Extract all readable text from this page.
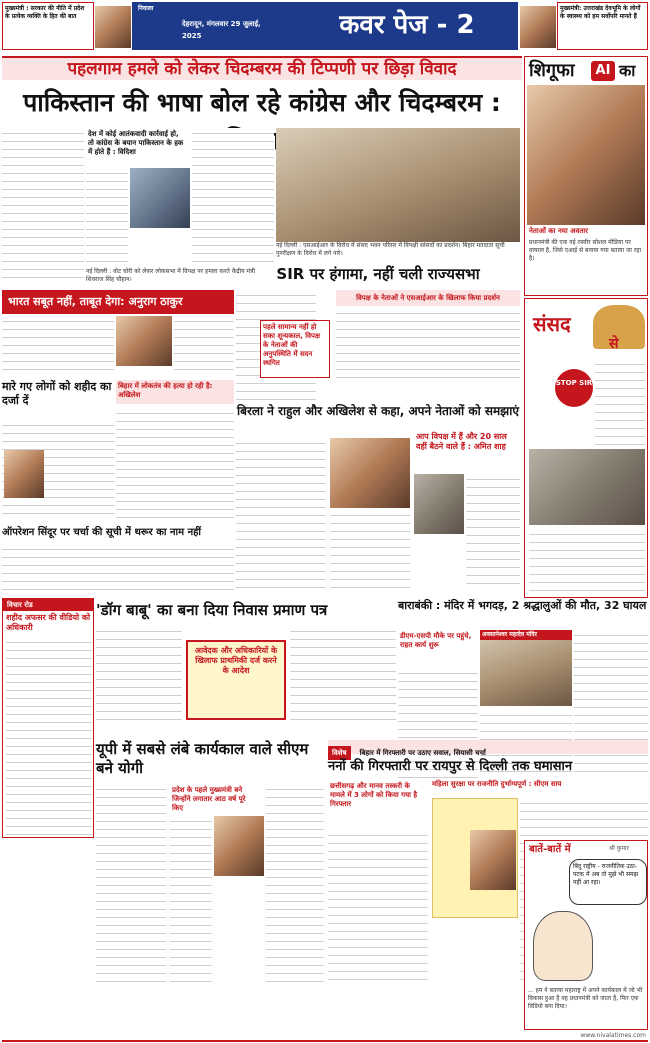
मुख्यमंत्री : सरकार की नीति में प्रदेश के प्रत्येक व्यक्ति के हित की बात
निवाला
देहरादून, मंगलवार 29 जुलाई, 2025	कवर पेज - 2
मुख्यमंत्री: उत्तराखंड देवभूमि के लोगों के स्वास्थ्य को हम सर्वोपरि मानते हैं
पहलगाम हमले को लेकर चिदम्बरम की टिप्पणी पर छिड़ा विवाद
पाकिस्तान की भाषा बोल रहे कांग्रेस और चिदम्बरम :
देश में कोई आतंकवादी कार्रवाई हो, तो कांग्रेस के बयान पाकिस्तान के हक में होते हैं : विदिशा
नई दिल्ली : वोट चोरी को लेकर लोकसभा में विपक्ष पर हमला करते केंद्रीय मंत्री शिवराज सिंह चौहान।
नई दिल्ली : एसआईआर के विरोध में संसद भवन परिसर में विपक्षी सांसदों का प्रदर्शन। बिहार मतदाता सूची पुनरीक्षण के विरोध में लगे नारे।
शिगूफा	AI का
नेताओं का नया अवतार
प्रधानमंत्री की एक नई तस्वीर सोशल मीडिया पर वायरल है, जिसे एआई से बनाया गया बताया जा रहा है।
भारत सबूत नहीं, ताबूत देगा: अनुराग ठाकुर
SIR पर हंगामा, नहीं चली राज्यसभा
पहले सामान्य नहीं हो सका शून्यकाल, विपक्ष के नेताओं की अनुपस्थिति में सदन स्थगित
विपक्ष के नेताओं ने एसआईआर के खिलाफ किया प्रदर्शन
संसद
से
STOP SIR
मारे गए लोगों को शहीद का दर्जा दें
बिहार में लोकतंत्र की हत्या हो रही है: अखिलेश
बिरला ने राहुल और अखिलेश से कहा, अपने नेताओं को समझाएं
आप विपक्ष में हैं और 20 साल वहीं बैठने वाले हैं : अमित शाह
ऑपरेशन सिंदूर पर चर्चा की सूची में थरूर का नाम नहीं
विचार रोड
शहीद अफसर की वीडियो को अधिकारी
'डॉग बाबू' का बना दिया निवास प्रमाण पत्र
आवेदक और अधिकारियों के खिलाफ प्राथमिकी दर्ज करने के आदेश
बाराबंकी : मंदिर में भगदड़, 2 श्रद्धालुओं की मौत, 32 घायल
डीएम-एसपी मौके पर पहुंचे, राहत कार्य शुरू
अवसानेश्वर महादेव मंदिर
यूपी में सबसे लंबे कार्यकाल वाले सीएम बने योगी
प्रदेश के पहले मुख्यमंत्री बने जिन्होंने लगातार आठ वर्ष पूरे किए
विशेष बिहार में गिरफ्तारी पर उठाए सवाल, सियासी चर्चा
ननों की गिरफ्तारी पर रायपुर से दिल्ली तक घमासान
छत्तीसगढ़ और मानव तस्करी के मामले में 3 लोगों को किया गया है गिरफ्तार
महिला सुरक्षा पर राजनीति दुर्भाग्यपूर्ण : सीएम साय
बातें-बातें में	श्री कुमार
बिंदु राष्ट्रीय - राजनीतिक उठा-पटक में अब तो मुझे भी समझ नहीं आ रहा।
... हम ने बताया महाराष्ट्र में अपने कार्यकाल में जो भी विकास हुआ है वह प्रधानमंत्री को जाता है, फिर एक विडियो बना दिया।
www.nivalatimes.com
